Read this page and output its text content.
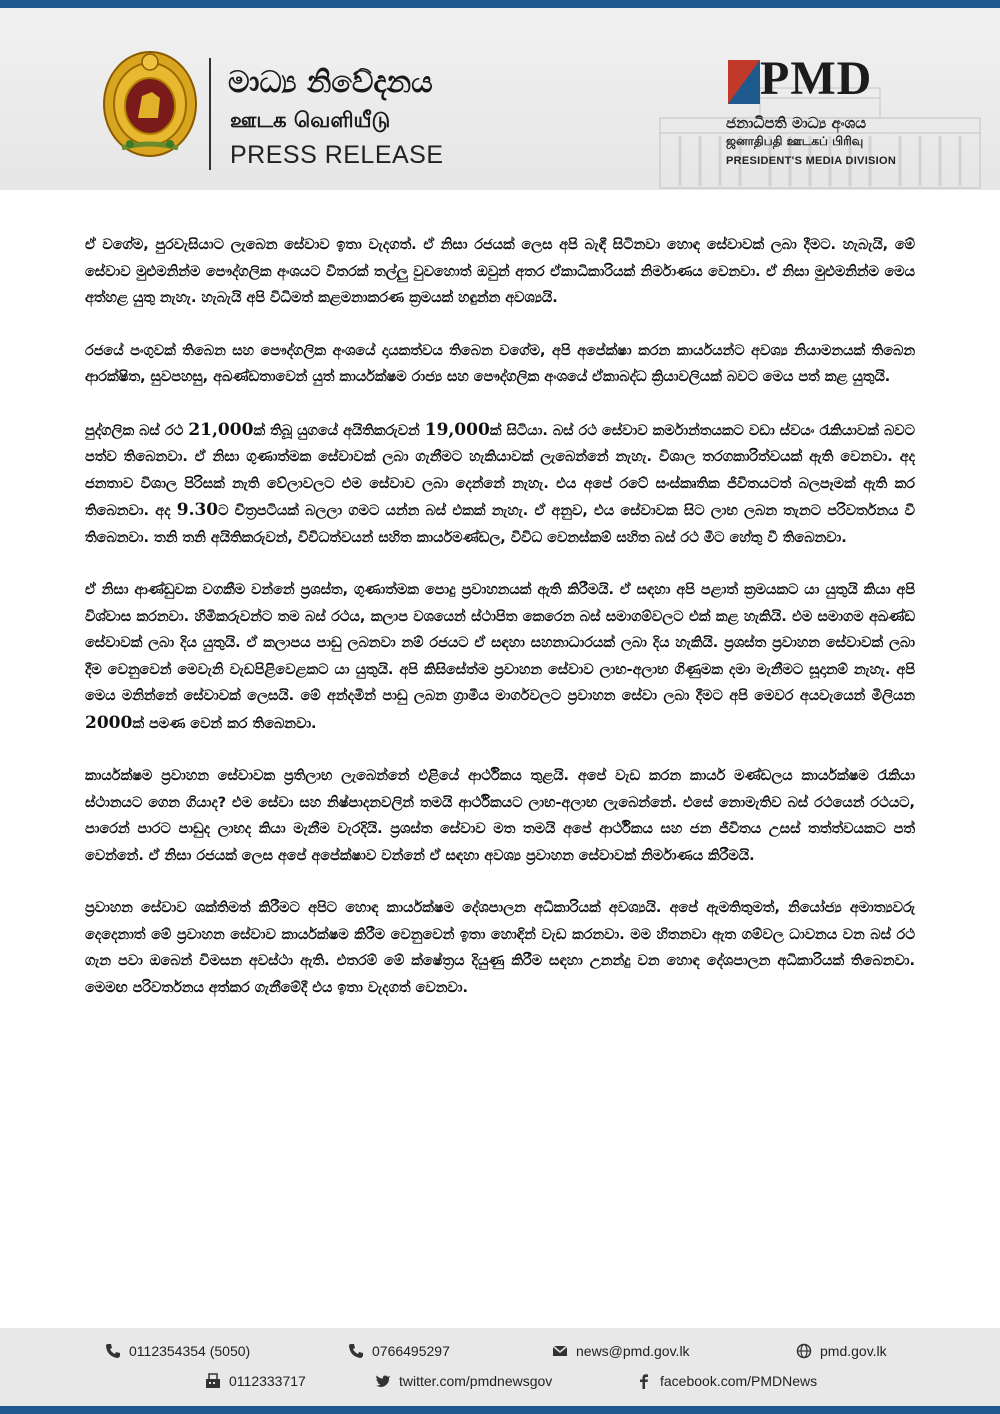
මාධ්‍ය නිවේදනය
ஊடக வெளியீடு
PRESS RELEASE
PMD
ජනාධිපති මාධ්‍ය අංශය
ஜனாதிபதி ஊடகப் பிரிவு
PRESIDENT'S MEDIA DIVISION

ඒ වගේම, පුරවැසියාට ලැබෙන සේවාව ඉතා වැදගත්. ඒ නිසා රජයක් ලෙස අපි බැඳී සිටිනවා හොඳ සේවාවක් ලබා දීමට. හැබැයි, මේ සේවාව මුළුමනින්ම පෞද්ගලික අංශයට විතරක් තල්ලු වුවහොත් ඔවුන් අතර ඒකාධිකාරියක් නිර්මාණය වෙනවා. ඒ නිසා මුළුමනින්ම මෙය අත්හළ යුතු නැහැ. හැබැයි අපි විධිමත් කළමනාකරණ ක්‍රමයක් හඳුන්න අවශ්‍යයි.

රජයේ පංගුවක් තිබෙන සහ පෞද්ගලික අංශයේ දායකත්වය තිබෙන වගේම, අපි අපේක්ෂා කරන කාර්යයන්ට අවශ්‍ය නියාමනයක් තිබෙන ආරක්ෂිත, සුවපහසු, අඛණ්ඩතාවෙන් යුත් කාර්යක්ෂම රාජ්‍ය සහ පෞද්ගලික අංශයේ ඒකාබද්ධ ක්‍රියාවලියක් බවට මෙය පත් කළ යුතුයි.

පුද්ගලික බස් රථ 21,000ක් තිබූ යුගයේ අයිතිකරුවන් 19,000ක් සිටියා. බස් රථ සේවාව කර්මාන්තයකට වඩා ස්වයං රැකියාවක් බවට පත්ව තිබෙනවා. ඒ නිසා ගුණාත්මක සේවාවක් ලබා ගැනීමට හැකියාවක් ලැබෙන්නේ නැහැ. විශාල තරගකාරිත්වයක් ඇති වෙනවා. අද ජනතාව විශාල පිරිසක් නැති වේලාවලට එම සේවාව ලබා දෙන්නේ නැහැ. එය අපේ රටේ සංස්කෘතික ජීවිතයටත් බලපෑමක් ඇති කර තිබෙනවා. අද 9.30ට චිත්‍රපටියක් බලලා ගමට යන්න බස් එකක් නැහැ. ඒ අනුව, එය සේවාවක සිට ලාභ ලබන තැනට පරිවර්තනය වී තිබෙනවා. තනි තනි අයිතිකරුවන්, විවිධත්වයන් සහිත කාර්යමණ්ඩල, විවිධ වෙනස්කම් සහිත බස් රථ මීට හේතු වී තිබෙනවා.

ඒ නිසා ආණ්ඩුවක වගකීම වන්නේ ප්‍රශස්ත, ගුණාත්මක පොදු ප්‍රවාහනයක් ඇති කිරීමයි. ඒ සඳහා අපි පළාත් ක්‍රමයකට යා යුතුයි කියා අපි විශ්වාස කරනවා. හිමිකරුවන්ට තම බස් රථය, කලාප වශයෙන් ස්ථාපිත කෙරෙන බස් සමාගම්වලට එක් කළ හැකියි. එම සමාගම අඛණ්ඩ සේවාවක් ලබා දිය යුතුයි. ඒ කලාපය පාඩු ලබනවා නම් රජයට ඒ සඳහා සහනාධාරයක් ලබා දිය හැකියි. ප්‍රශස්ත ප්‍රවාහන සේවාවක් ලබා දීම වෙනුවෙන් මෙවැනි වැඩපිළිවෙළකට යා යුතුයි. අපි කිසිසේත්ම ප්‍රවාහන සේවාව ලාභ-අලාභ ගිණුමක දමා මැනීමට සූදානම් නැහැ. අපි මෙය මනින්නේ සේවාවක් ලෙසයි. මේ අන්දමින් පාඩු ලබන ග්‍රාමීය මාර්ගවලට ප්‍රවාහන සේවා ලබා දීමට අපි මෙවර අයවැයෙන් මිලියන 2000ක් පමණ වෙන් කර තිබෙනවා.

කාර්යක්ෂම ප්‍රවාහන සේවාවක ප්‍රතිලාභ ලැබෙන්නේ එළියේ ආර්ථිකය තුළයි. අපේ වැඩ කරන කාර්ය මණ්ඩලය කාර්යක්ෂම රැකියා ස්ථානයට ගෙන ගියාද? එම සේවා සහ නිෂ්පාදනවලින් තමයි ආර්ථිකයට ලාභ-අලාභ ලැබෙන්නේ. එසේ නොමැතිව බස් රථයෙන් රථයට, පාරෙන් පාරට පාඩුද ලාභද කියා මැනීම වැරදියි. ප්‍රශස්ත සේවාව මත තමයි අපේ ආර්ථිකය සහ ජන ජීවිතය උසස් තත්ත්වයකට පත් වෙන්නේ. ඒ නිසා රජයක් ලෙස අපේ අපේක්ෂාව වන්නේ ඒ සඳහා අවශ්‍ය ප්‍රවාහන සේවාවක් නිර්මාණය කිරීමයි.

ප්‍රවාහන සේවාව ශක්තිමත් කිරීමට අපිට හොඳ කාර්යක්ෂම දේශපාලන අධිකාරියක් අවශ්‍යයි. අපේ ඇමතිතුමත්, නියෝජ්‍ය අමාත්‍යවරු දෙදෙනාත් මේ ප්‍රවාහන සේවාව කාර්යක්ෂම කිරීම වෙනුවෙන් ඉතා හොඳින් වැඩ කරනවා. මම හිතනවා ඇත ගම්වල ධාවනය වන බස් රථ ගැන පවා ඔබෙන් විමසන අවස්ථා ඇති. එතරම් මේ ක්ෂේත්‍රය දියුණු කිරීම සඳහා උනන්දු වන හොඳ දේශපාලන අධිකාරියක් තිබෙනවා. මෙමඟ පරිවර්තනය අත්කර ගැනීමේදී එය ඉතා වැදගත් වෙනවා.

0112354354 (5050)	0766495297	news@pmd.gov.lk	pmd.gov.lk
0112333717	twitter.com/pmdnewsgov	facebook.com/PMDNews
